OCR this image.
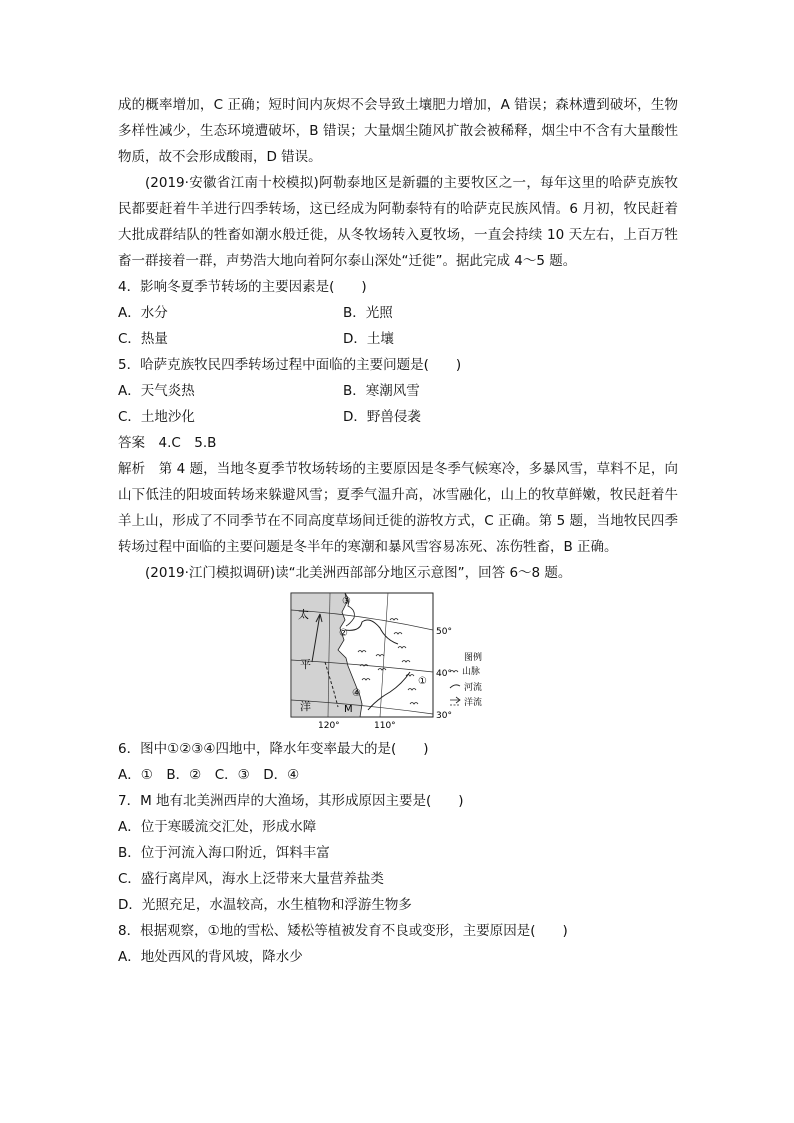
成的概率增加，C 正确；短时间内灰烬不会导致土壤肥力增加，A 错误；森林遭到破坏，生物多样性减少，生态环境遭破坏，B 错误；大量烟尘随风扩散会被稀释，烟尘中不含有大量酸性物质，故不会形成酸雨，D 错误。

(2019·安徽省江南十校模拟)阿勒泰地区是新疆的主要牧区之一，每年这里的哈萨克族牧民都要赶着牛羊进行四季转场，这已经成为阿勒泰特有的哈萨克民族风情。6 月初，牧民赶着大批成群结队的牲畜如潮水般迁徙，从冬牧场转入夏牧场，一直会持续 10 天左右，上百万牲畜一群接着一群，声势浩大地向着阿尔泰山深处“迁徙”。据此完成 4～5 题。

4．影响冬夏季节转场的主要因素是(　　)
A．水分	B．光照
C．热量	D．土壤
5．哈萨克族牧民四季转场过程中面临的主要问题是(　　)
A．天气炎热	B．寒潮风雪
C．土地沙化	D．野兽侵袭
答案　4.C　5.B

解析　第 4 题，当地冬夏季节牧场转场的主要原因是冬季气候寒冷，多暴风雪，草料不足，向山下低洼的阳坡面转场来躲避风雪；夏季气温升高，冰雪融化，山上的牧草鲜嫩，牧民赶着牛羊上山，形成了不同季节在不同高度草场间迁徙的游牧方式，C 正确。第 5 题，当地牧民四季转场过程中面临的主要问题是冬半年的寒潮和暴风雪容易冻死、冻伤牲畜，B 正确。

(2019·江门模拟调研)读“北美洲西部部分地区示意图”，回答 6～8 题。

太
平
洋
50°
40°
30°
120°	110°
①
②
③
④
M
图例
山脉
河流
洋流
6．图中①②③④四地中，降水年变率最大的是(　　)
A．①　B．②　C．③　D．④
7．M 地有北美洲西岸的大渔场，其形成原因主要是(　　)
A．位于寒暖流交汇处，形成水障
B．位于河流入海口附近，饵料丰富
C．盛行离岸风，海水上泛带来大量营养盐类
D．光照充足，水温较高，水生植物和浮游生物多
8．根据观察，①地的雪松、矮松等植被发育不良或变形，主要原因是(　　)
A．地处西风的背风坡，降水少
